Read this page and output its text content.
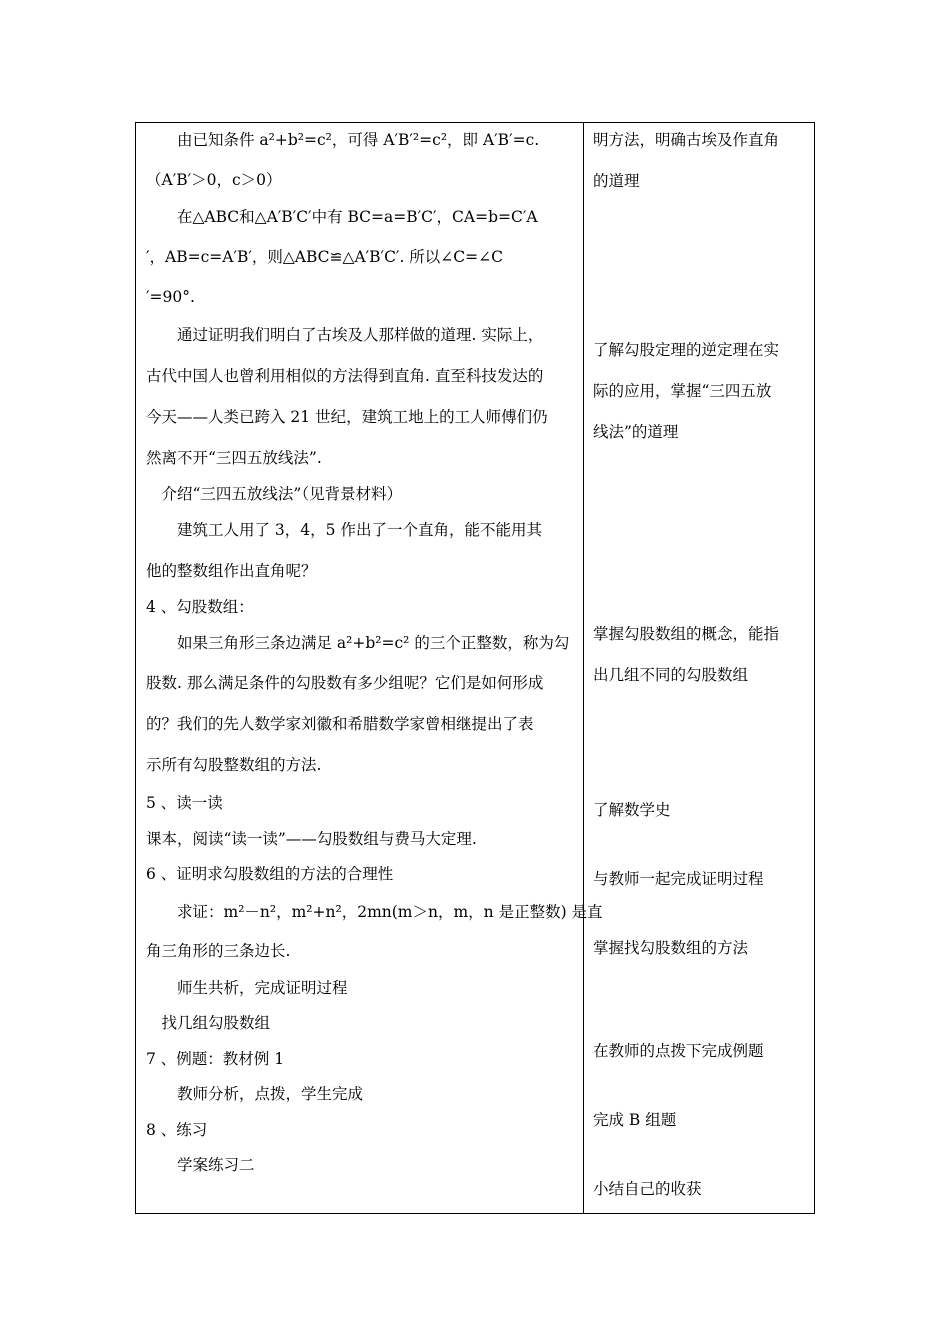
　　由已知条件 a²+b²=c²，可得 A′B′²=c²，即 A′B′=c.
（A′B′＞0，c＞0）
　　在△ABC和△A′B′C′中有 BC=a=B′C′，CA=b=C′A
′，AB=c=A′B′，则△ABC≌△A′B′C′. 所以∠C=∠C
′=90°.
　　通过证明我们明白了古埃及人那样做的道理. 实际上，
古代中国人也曾利用相似的方法得到直角. 直至科技发达的
今天——人类已跨入 21 世纪，建筑工地上的工人师傅们仍
然离不开“三四五放线法”.
　介绍“三四五放线法”（见背景材料）
　　建筑工人用了 3，4，5 作出了一个直角，能不能用其
他的整数组作出直角呢？
4 、勾股数组：
　　如果三角形三条边满足 a²+b²=c² 的三个正整数，称为勾
股数. 那么满足条件的勾股数有多少组呢？它们是如何形成
的？我们的先人数学家刘徽和希腊数学家曾相继提出了表
示所有勾股整数组的方法.
5 、读一读
课本，阅读“读一读”——勾股数组与费马大定理.
6 、证明求勾股数组的方法的合理性
　　求证：m²－n²，m²+n²，2mn(m＞n，m，n 是正整数) 是直
角三角形的三条边长.
　　师生共析，完成证明过程
　找几组勾股数组
7 、例题：教材例 1
　　教师分析，点拨，学生完成
8 、练习
　　学案练习二
明方法，明确古埃及作直角
的道理
了解勾股定理的逆定理在实
际的应用，掌握“三四五放
线法”的道理
掌握勾股数组的概念，能指
出几组不同的勾股数组
了解数学史
与教师一起完成证明过程
掌握找勾股数组的方法
在教师的点拨下完成例题
完成 B 组题
小结自己的收获
